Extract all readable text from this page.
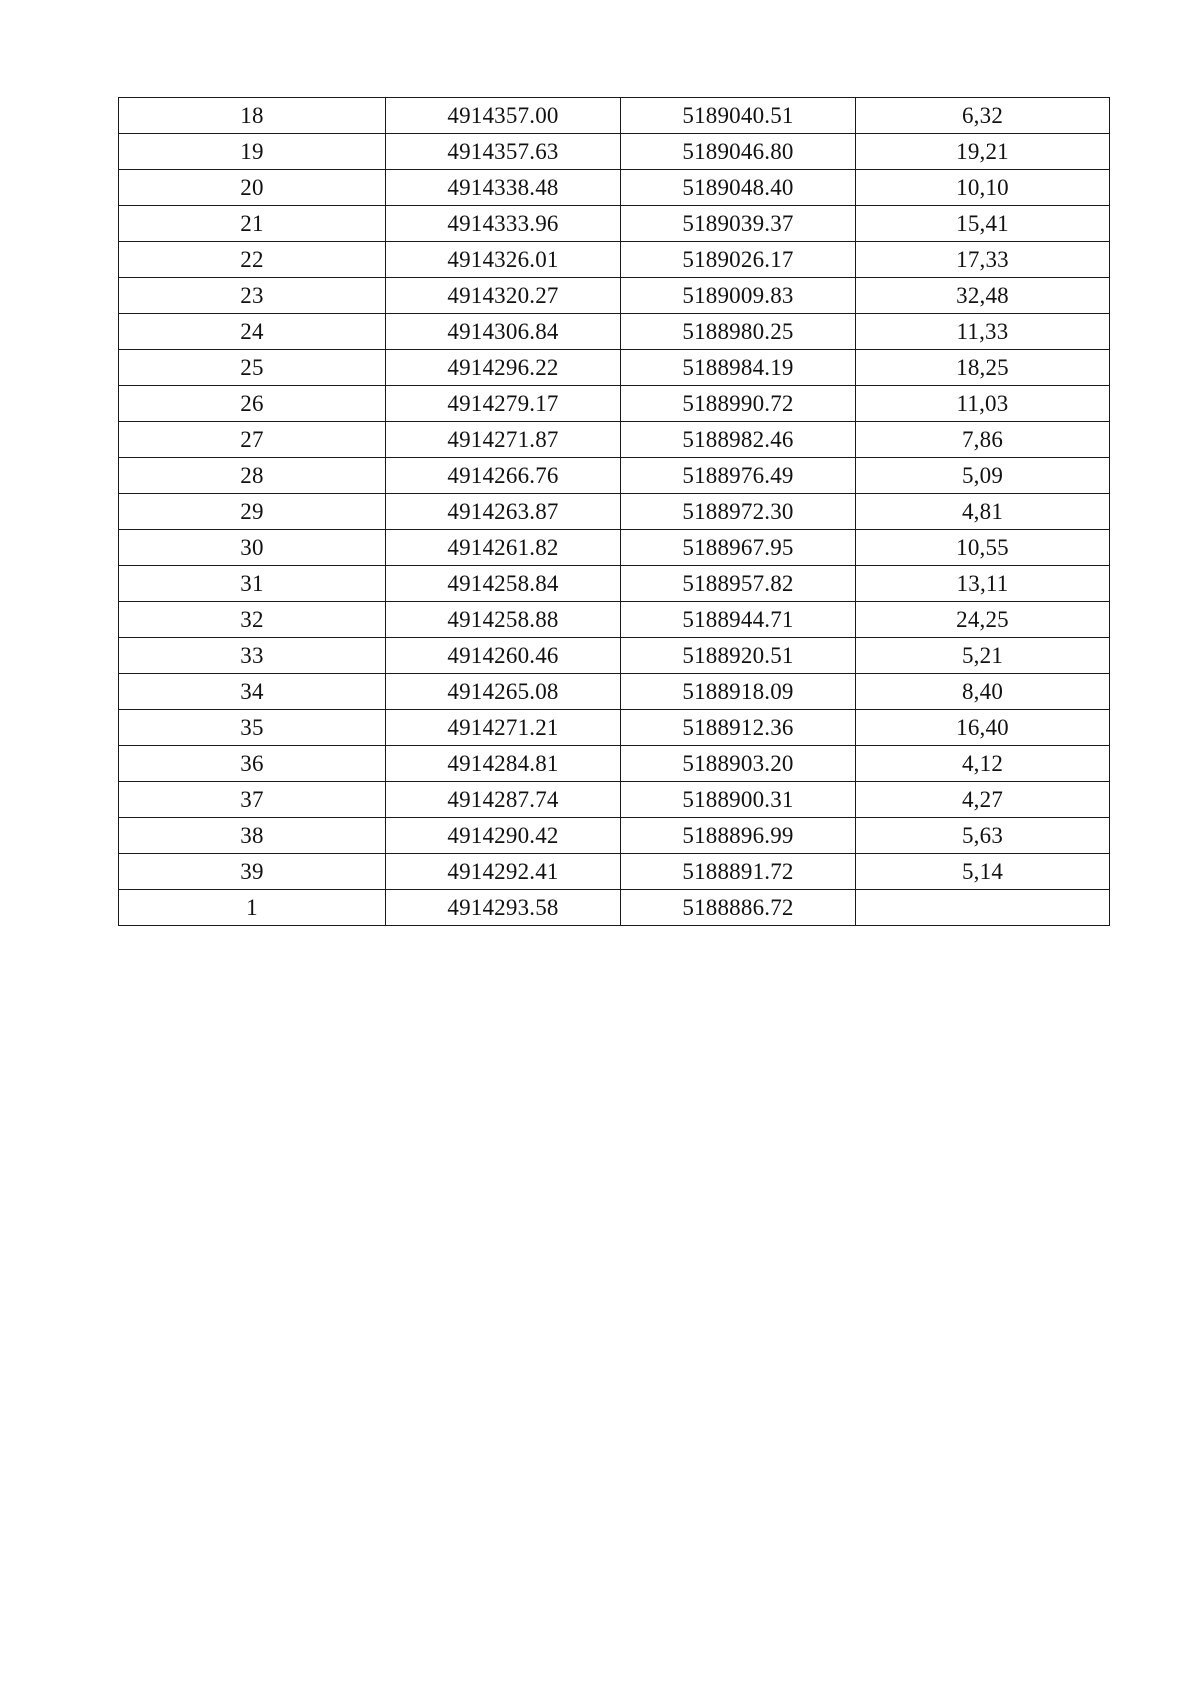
18	4914357.00	5189040.51	6,32
19	4914357.63	5189046.80	19,21
20	4914338.48	5189048.40	10,10
21	4914333.96	5189039.37	15,41
22	4914326.01	5189026.17	17,33
23	4914320.27	5189009.83	32,48
24	4914306.84	5188980.25	11,33
25	4914296.22	5188984.19	18,25
26	4914279.17	5188990.72	11,03
27	4914271.87	5188982.46	7,86
28	4914266.76	5188976.49	5,09
29	4914263.87	5188972.30	4,81
30	4914261.82	5188967.95	10,55
31	4914258.84	5188957.82	13,11
32	4914258.88	5188944.71	24,25
33	4914260.46	5188920.51	5,21
34	4914265.08	5188918.09	8,40
35	4914271.21	5188912.36	16,40
36	4914284.81	5188903.20	4,12
37	4914287.74	5188900.31	4,27
38	4914290.42	5188896.99	5,63
39	4914292.41	5188891.72	5,14
1	4914293.58	5188886.72	
